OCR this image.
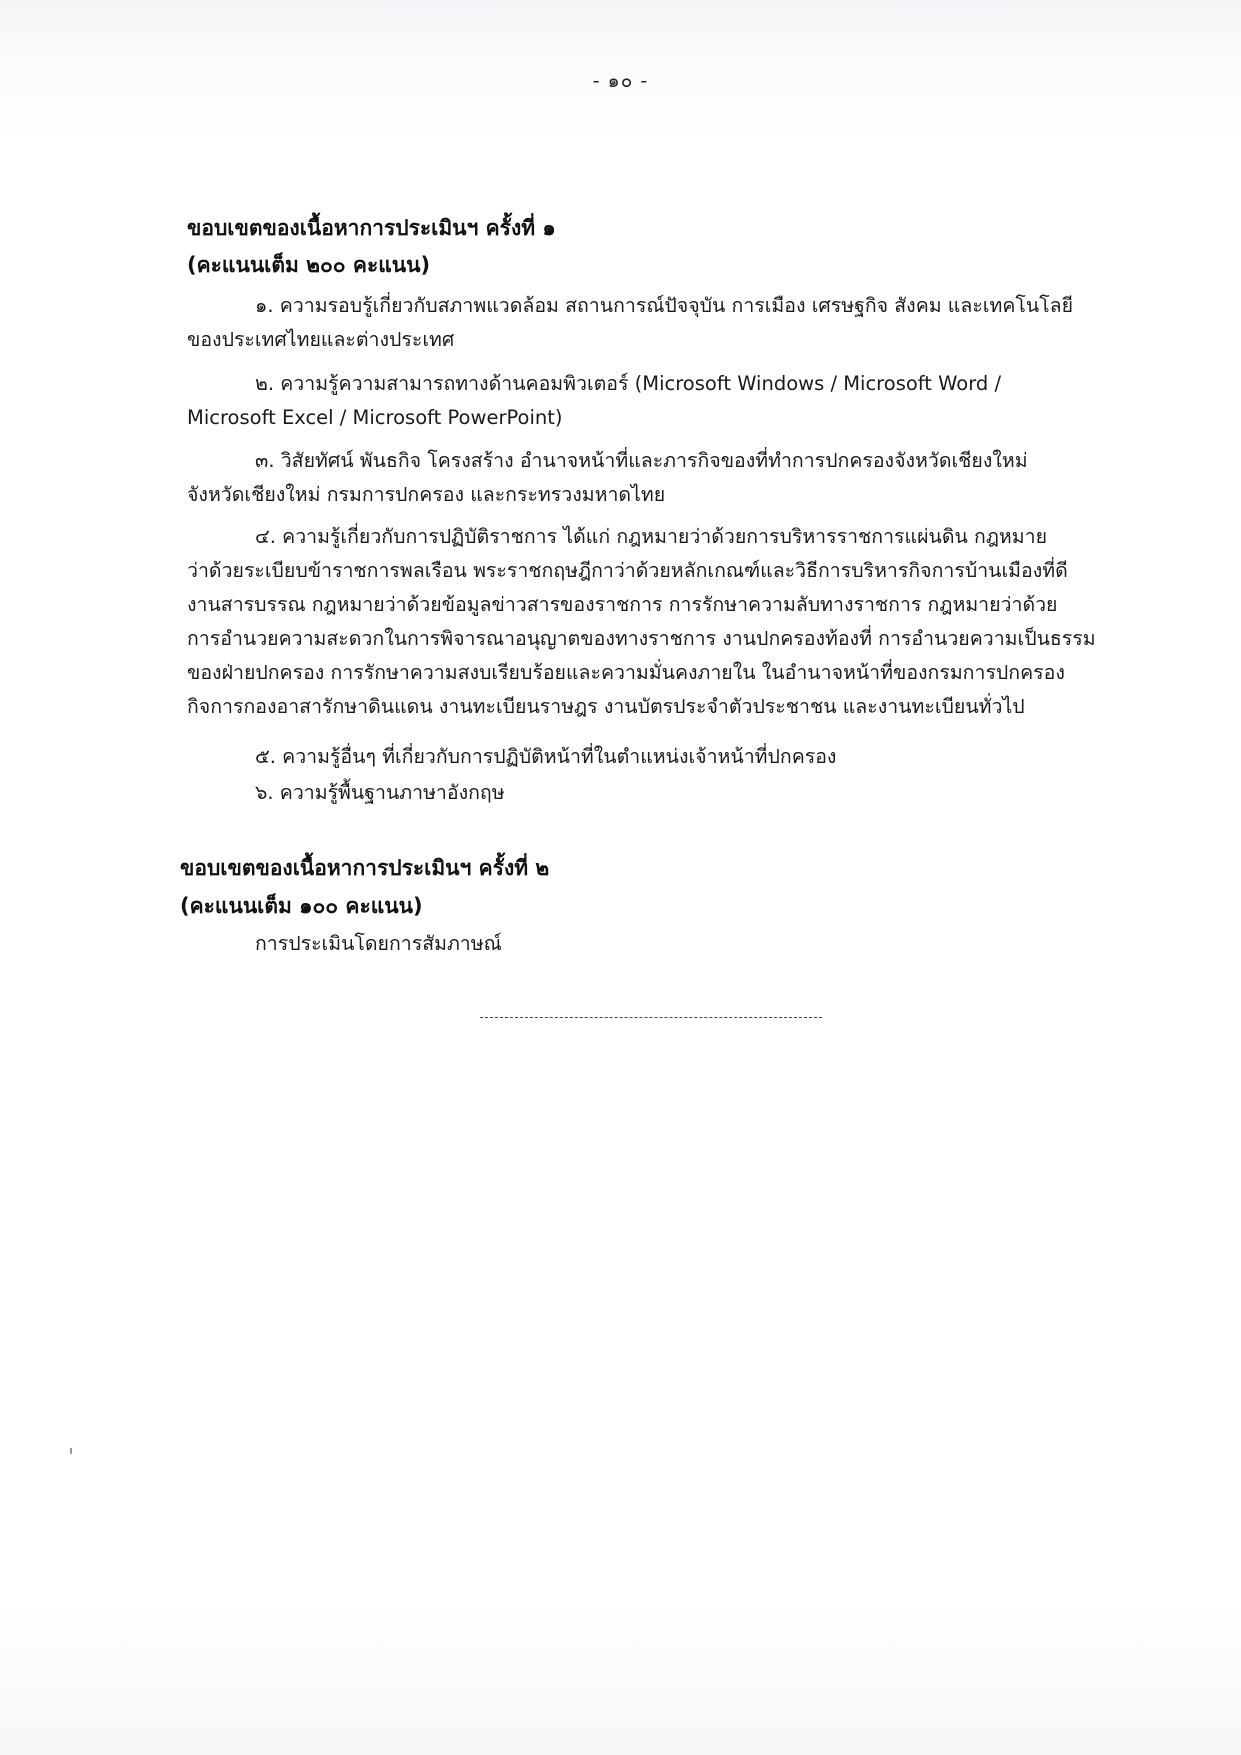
- ๑๐ -
ขอบเขตของเนื้อหาการประเมินฯ ครั้งที่ ๑
(คะแนนเต็ม ๒๐๐ คะแนน)
๑. ความรอบรู้เกี่ยวกับสภาพแวดล้อม สถานการณ์ปัจจุบัน การเมือง เศรษฐกิจ สังคม และเทคโนโลยี
ของประเทศไทยและต่างประเทศ
๒. ความรู้ความสามารถทางด้านคอมพิวเตอร์ (Microsoft Windows / Microsoft Word /
Microsoft Excel / Microsoft PowerPoint)
๓. วิสัยทัศน์ พันธกิจ โครงสร้าง อำนาจหน้าที่และภารกิจของที่ทำการปกครองจังหวัดเชียงใหม่
จังหวัดเชียงใหม่ กรมการปกครอง และกระทรวงมหาดไทย
๔. ความรู้เกี่ยวกับการปฏิบัติราชการ ได้แก่ กฎหมายว่าด้วยการบริหารราชการแผ่นดิน กฎหมาย
ว่าด้วยระเบียบข้าราชการพลเรือน พระราชกฤษฎีกาว่าด้วยหลักเกณฑ์และวิธีการบริหารกิจการบ้านเมืองที่ดี
งานสารบรรณ กฎหมายว่าด้วยข้อมูลข่าวสารของราชการ การรักษาความลับทางราชการ กฎหมายว่าด้วย
การอำนวยความสะดวกในการพิจารณาอนุญาตของทางราชการ งานปกครองท้องที่ การอำนวยความเป็นธรรม
ของฝ่ายปกครอง การรักษาความสงบเรียบร้อยและความมั่นคงภายใน ในอำนาจหน้าที่ของกรมการปกครอง
กิจการกองอาสารักษาดินแดน งานทะเบียนราษฎร งานบัตรประจำตัวประชาชน และงานทะเบียนทั่วไป
๕. ความรู้อื่นๆ ที่เกี่ยวกับการปฏิบัติหน้าที่ในตำแหน่งเจ้าหน้าที่ปกครอง
๖. ความรู้พื้นฐานภาษาอังกฤษ
ขอบเขตของเนื้อหาการประเมินฯ ครั้งที่ ๒
(คะแนนเต็ม ๑๐๐ คะแนน)
การประเมินโดยการสัมภาษณ์
